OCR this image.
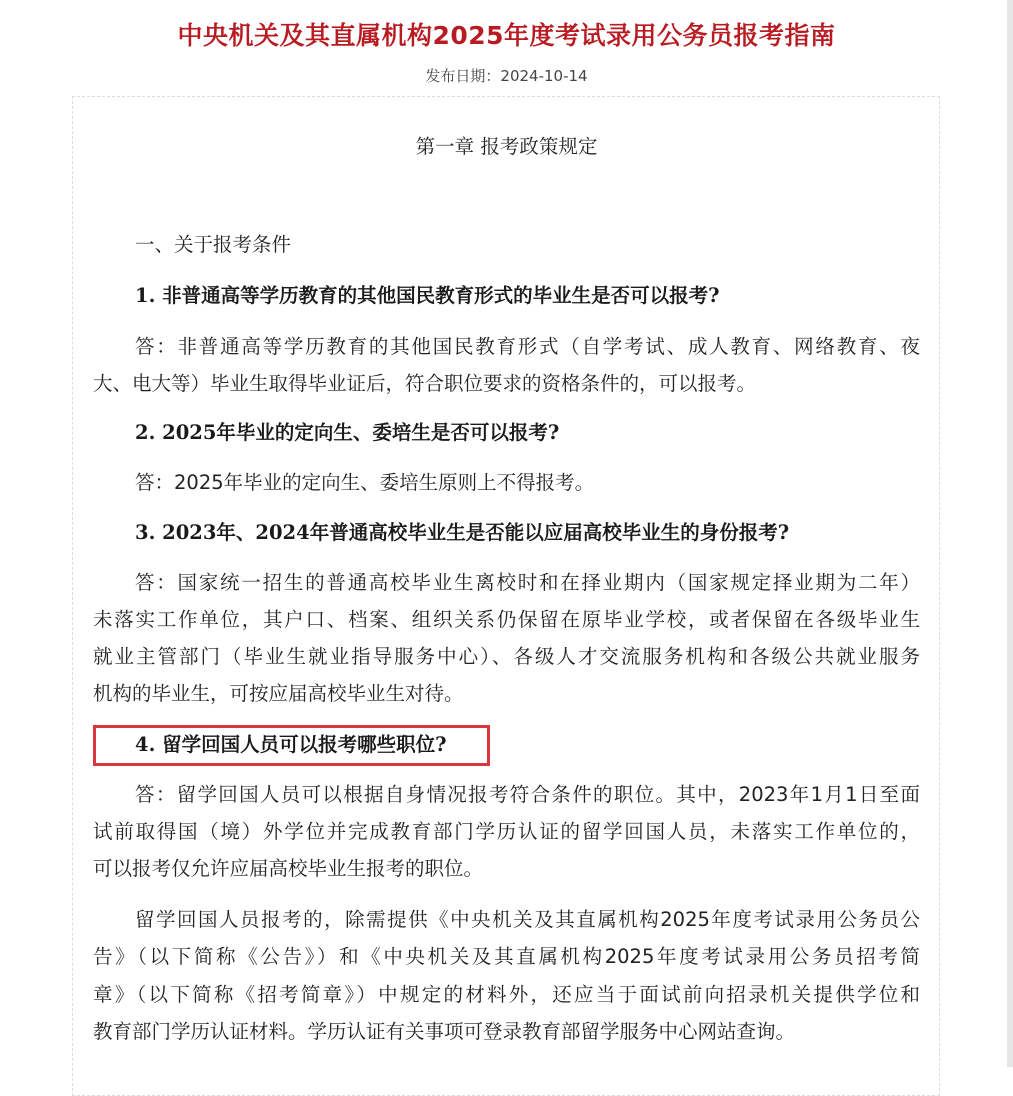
中央机关及其直属机构2025年度考试录用公务员报考指南
发布日期：2024-10-14
第一章 报考政策规定
一、关于报考条件
1. 非普通高等学历教育的其他国民教育形式的毕业生是否可以报考?
答：非普通高等学历教育的其他国民教育形式（自学考试、成人教育、网络教育、夜
大、电大等）毕业生取得毕业证后，符合职位要求的资格条件的，可以报考。
2. 2025年毕业的定向生、委培生是否可以报考?
答：2025年毕业的定向生、委培生原则上不得报考。
3. 2023年、2024年普通高校毕业生是否能以应届高校毕业生的身份报考?
答：国家统一招生的普通高校毕业生离校时和在择业期内（国家规定择业期为二年）
未落实工作单位，其户口、档案、组织关系仍保留在原毕业学校，或者保留在各级毕业生
就业主管部门（毕业生就业指导服务中心）、各级人才交流服务机构和各级公共就业服务
机构的毕业生，可按应届高校毕业生对待。
4. 留学回国人员可以报考哪些职位?
答：留学回国人员可以根据自身情况报考符合条件的职位。其中，2023年1月1日至面
试前取得国（境）外学位并完成教育部门学历认证的留学回国人员，未落实工作单位的，
可以报考仅允许应届高校毕业生报考的职位。
留学回国人员报考的，除需提供《中央机关及其直属机构2025年度考试录用公务员公
告》（以下简称《公告》）和《中央机关及其直属机构2025年度考试录用公务员招考简
章》（以下简称《招考简章》）中规定的材料外，还应当于面试前向招录机关提供学位和
教育部门学历认证材料。学历认证有关事项可登录教育部留学服务中心网站查询。
